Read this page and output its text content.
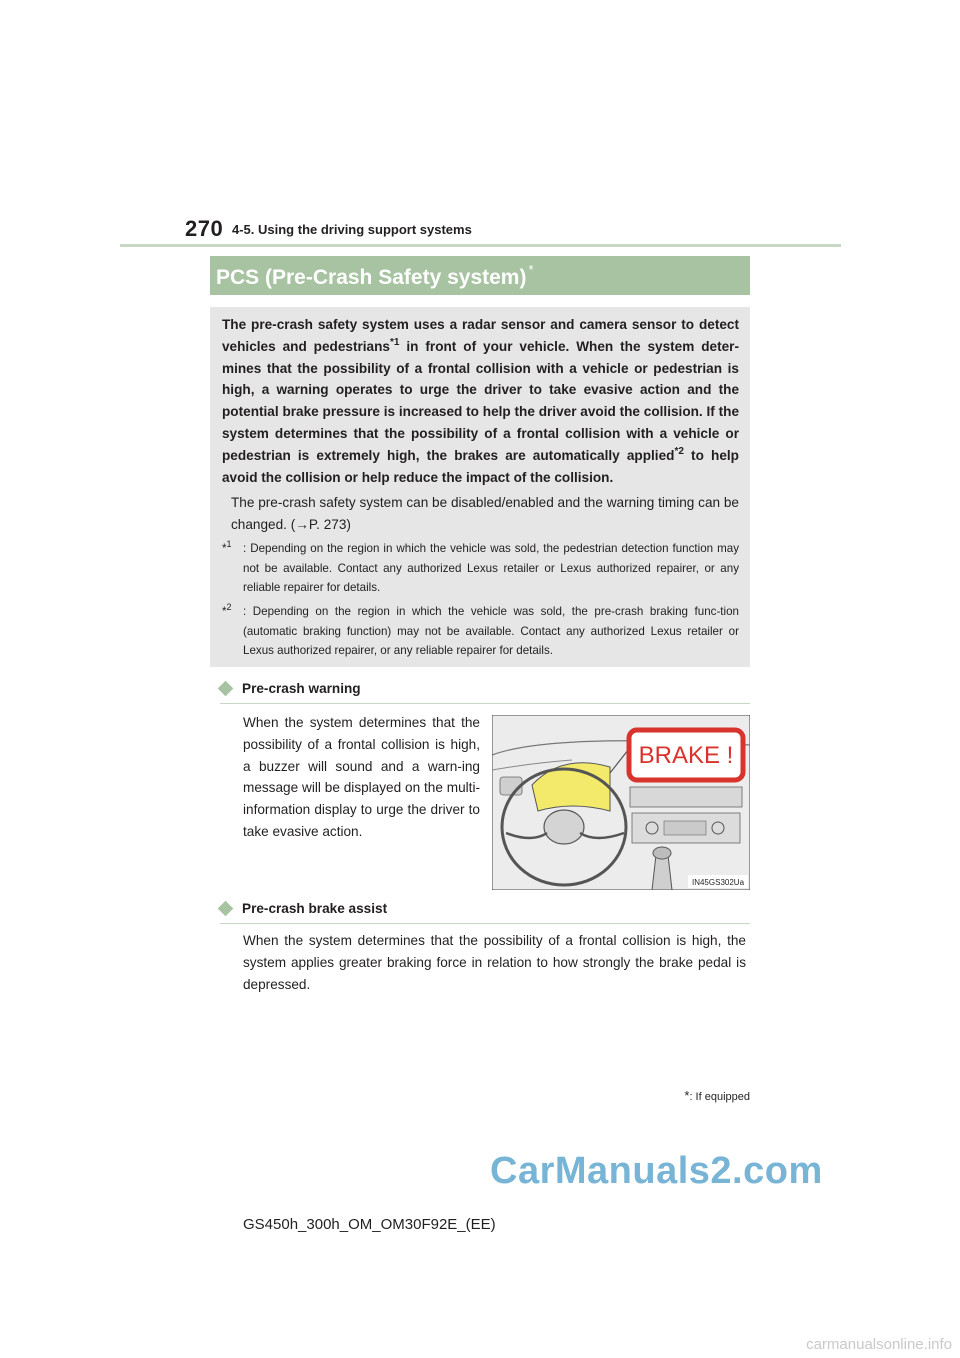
270 4-5. Using the driving support systems
PCS (Pre-Crash Safety system) *
The pre-crash safety system uses a radar sensor and camera sensor to detect vehicles and pedestrians$^{*1}$ in front of your vehicle. When the system deter-mines that the possibility of a frontal collision with a vehicle or pedestrian is high, a warning operates to urge the driver to take evasive action and the potential brake pressure is increased to help the driver avoid the collision. If the system determines that the possibility of a frontal collision with a vehicle or pedestrian is extremely high, the brakes are automatically applied$^{*2}$ to help avoid the collision or help reduce the impact of the collision.
The pre-crash safety system can be disabled/enabled and the warning timing can be changed. (→P. 273)
*$^1$ : Depending on the region in which the vehicle was sold, the pedestrian detection function may not be available. Contact any authorized Lexus retailer or Lexus authorized repairer, or any reliable repairer for details.
*$^2$ : Depending on the region in which the vehicle was sold, the pre-crash braking func-tion (automatic braking function) may not be available. Contact any authorized Lexus retailer or Lexus authorized repairer, or any reliable repairer for details.
Pre-crash warning
When the system determines that the possibility of a frontal collision is high, a buzzer will sound and a warn-ing message will be displayed on the multi-information display to urge the driver to take evasive action.
BRAKE !
IN45GS302Ua
Pre-crash brake assist
When the system determines that the possibility of a frontal collision is high, the system applies greater braking force in relation to how strongly the brake pedal is depressed.
*: If equipped
CarManuals2.com
GS450h_300h_OM_OM30F92E_(EE)
carmanualsonline.info
